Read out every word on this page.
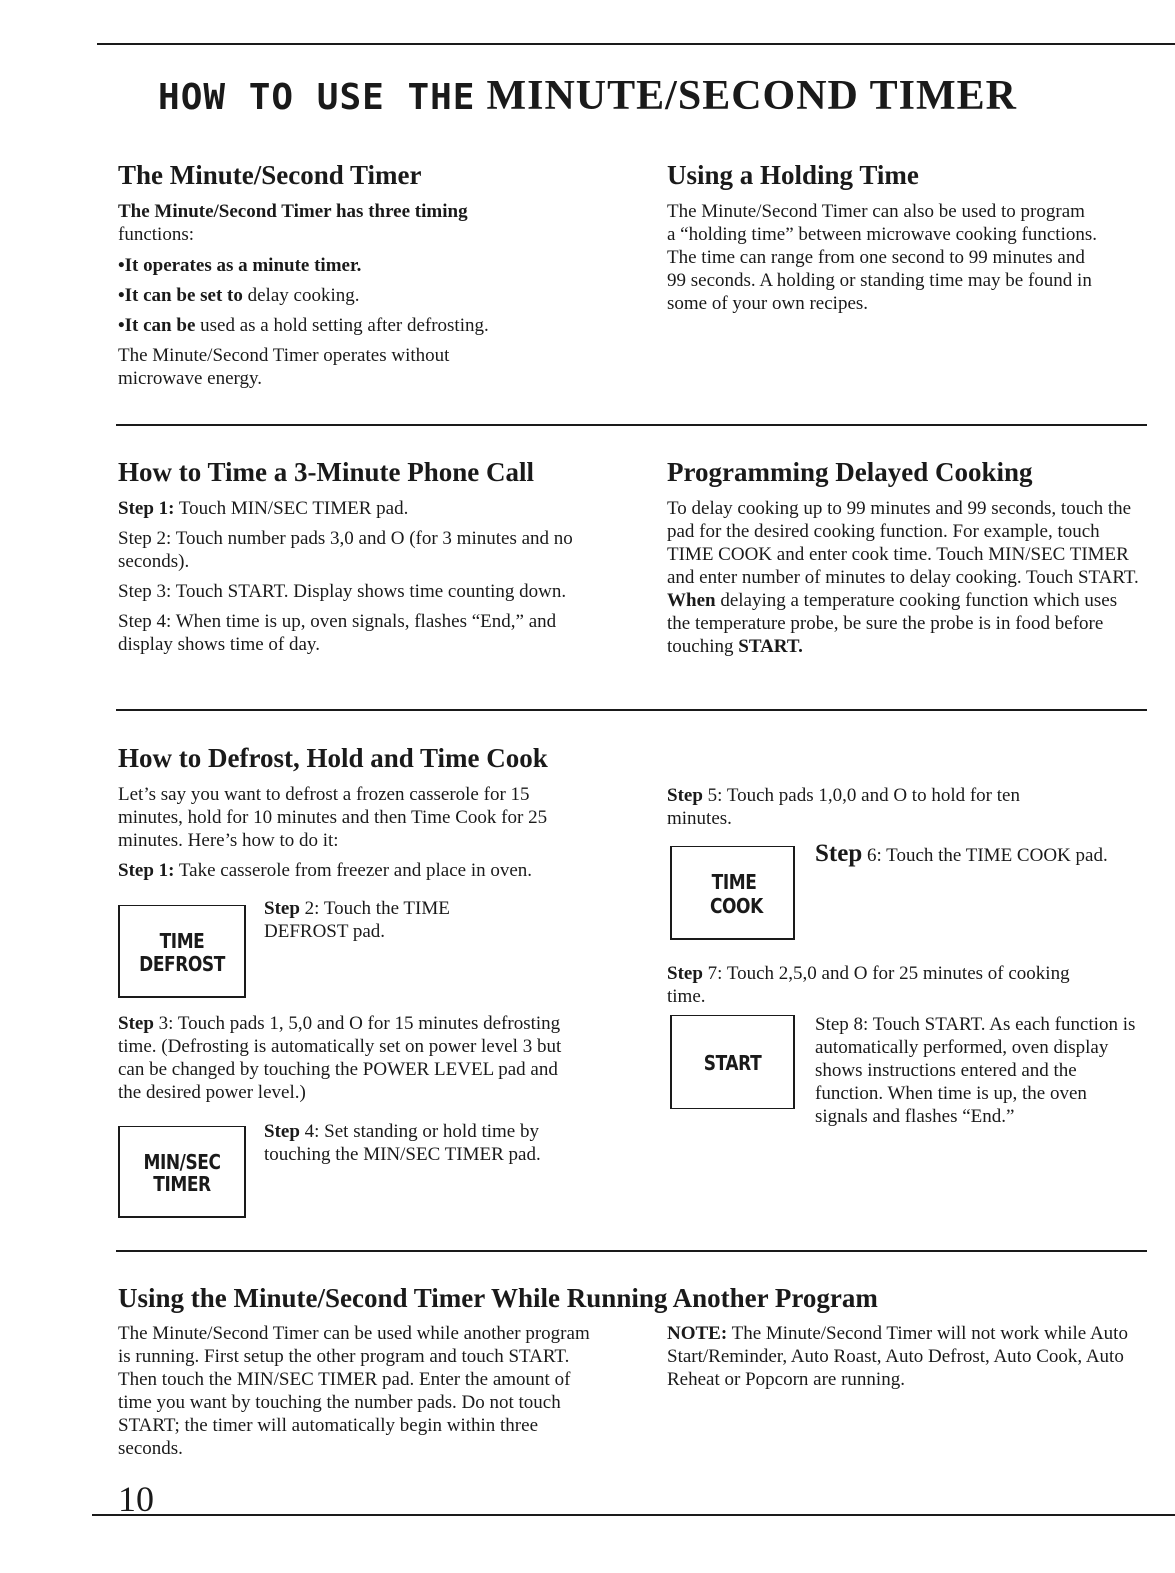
HOW TO USE THE MINUTE/SECOND TIMER
The Minute/Second Timer

The Minute/Second Timer has three timing
functions:

•It operates as a minute timer.

•It can be set to delay cooking.

•It can be used as a hold setting after defrosting.

The Minute/Second Timer operates without microwave energy.

Using a Holding Time

The Minute/Second Timer can also be used to program a “holding time” between microwave cooking functions. The time can range from one second to 99 minutes and 99 seconds. A holding or standing time may be found in some of your own recipes.

How to Time a 3-Minute Phone Call

Step 1: Touch MIN/SEC TIMER pad.

Step 2: Touch number pads 3,0 and O (for 3 minutes and no seconds).

Step 3: Touch START. Display shows time counting down.

Step 4: When time is up, oven signals, flashes “End,” and display shows time of day.

Programming Delayed Cooking

To delay cooking up to 99 minutes and 99 seconds, touch the pad for the desired cooking function. For example, touch TIME COOK and enter cook time. Touch MIN/SEC TIMER and enter number of minutes to delay cooking. Touch START. When delaying a temperature cooking function which uses the temperature probe, be sure the probe is in food before touching START.

How to Defrost, Hold and Time Cook

Let’s say you want to defrost a frozen casserole for 15 minutes, hold for 10 minutes and then Time Cook for 25 minutes. Here’s how to do it:

Step 1: Take casserole from freezer and place in oven.

Step 2: Touch the TIME DEFROST pad.
TIME
DEFROST
Step 3: Touch pads 1, 5,0 and O for 15 minutes defrosting time. (Defrosting is automatically set on power level 3 but can be changed by touching the POWER LEVEL pad and the desired power level.)
Step 4: Set standing or hold time by touching the MIN/SEC TIMER pad.
MIN/SEC
TIMER
Step 5: Touch pads 1,0,0 and O to hold for ten minutes.
TIME
COOK
Step 6: Touch the TIME COOK pad.
Step 7: Touch 2,5,0 and O for 25 minutes of cooking time.
START
Step 8: Touch START. As each function is automatically performed, oven display shows instructions entered and the function. When time is up, the oven signals and flashes “End.”
Using the Minute/Second Timer While Running Another Program
The Minute/Second Timer can be used while another program is running. First setup the other program and touch START. Then touch the MIN/SEC TIMER pad. Enter the amount of time you want by touching the number pads. Do not touch START; the timer will automatically begin within three seconds.
NOTE: The Minute/Second Timer will not work while Auto Start/Reminder, Auto Roast, Auto Defrost, Auto Cook, Auto Reheat or Popcorn are running.
10
